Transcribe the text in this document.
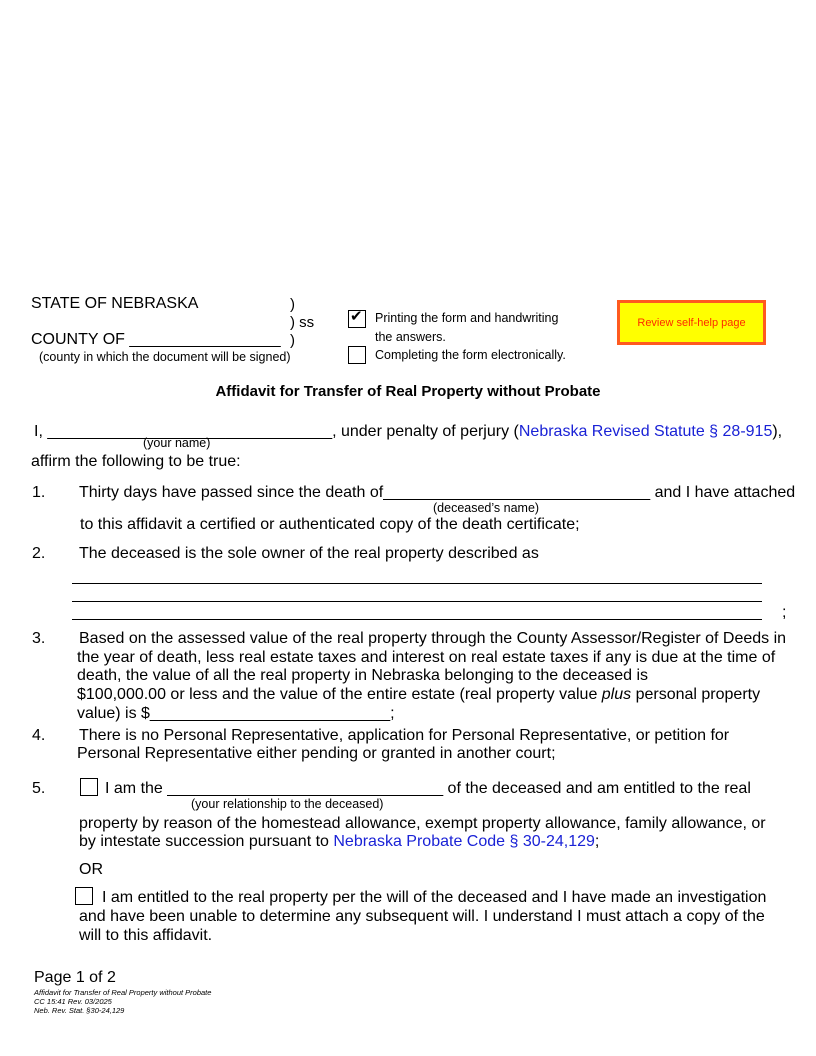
STATE OF NEBRASKA	)
) ss
COUNTY OF _________________ )
(county in which the document will be signed)
✔ Printing the form and handwriting
the answers.
Completing the form electronically.
Review self-help page
Affidavit for Transfer of Real Property without Probate
I, ________________________________, under penalty of perjury (Nebraska Revised Statute § 28-915),
(your name)
affirm the following to be true:
1. Thirty days have passed since the death of______________________________ and I have attached
(deceased’s name)
to this affidavit a certified or authenticated copy of the death certificate;
2. The deceased is the sole owner of the real property described as
;
3. Based on the assessed value of the real property through the County Assessor/Register of Deeds in
the year of death, less real estate taxes and interest on real estate taxes if any is due at the time of
death, the value of all the real property in Nebraska belonging to the deceased is
$100,000.00 or less and the value of the entire estate (real property value plus personal property
value) is $___________________________;
4. There is no Personal Representative, application for Personal Representative, or petition for
Personal Representative either pending or granted in another court;
5.	I am the _______________________________ of the deceased and am entitled to the real
(your relationship to the deceased)
property by reason of the homestead allowance, exempt property allowance, family allowance, or
by intestate succession pursuant to Nebraska Probate Code § 30-24,129;
OR
I am entitled to the real property per the will of the deceased and I have made an investigation
and have been unable to determine any subsequent will. I understand I must attach a copy of the
will to this affidavit.
Page 1 of 2
Affidavit for Transfer of Real Property without Probate
CC 15:41 Rev. 03/2025
Neb. Rev. Stat. §30-24,129
